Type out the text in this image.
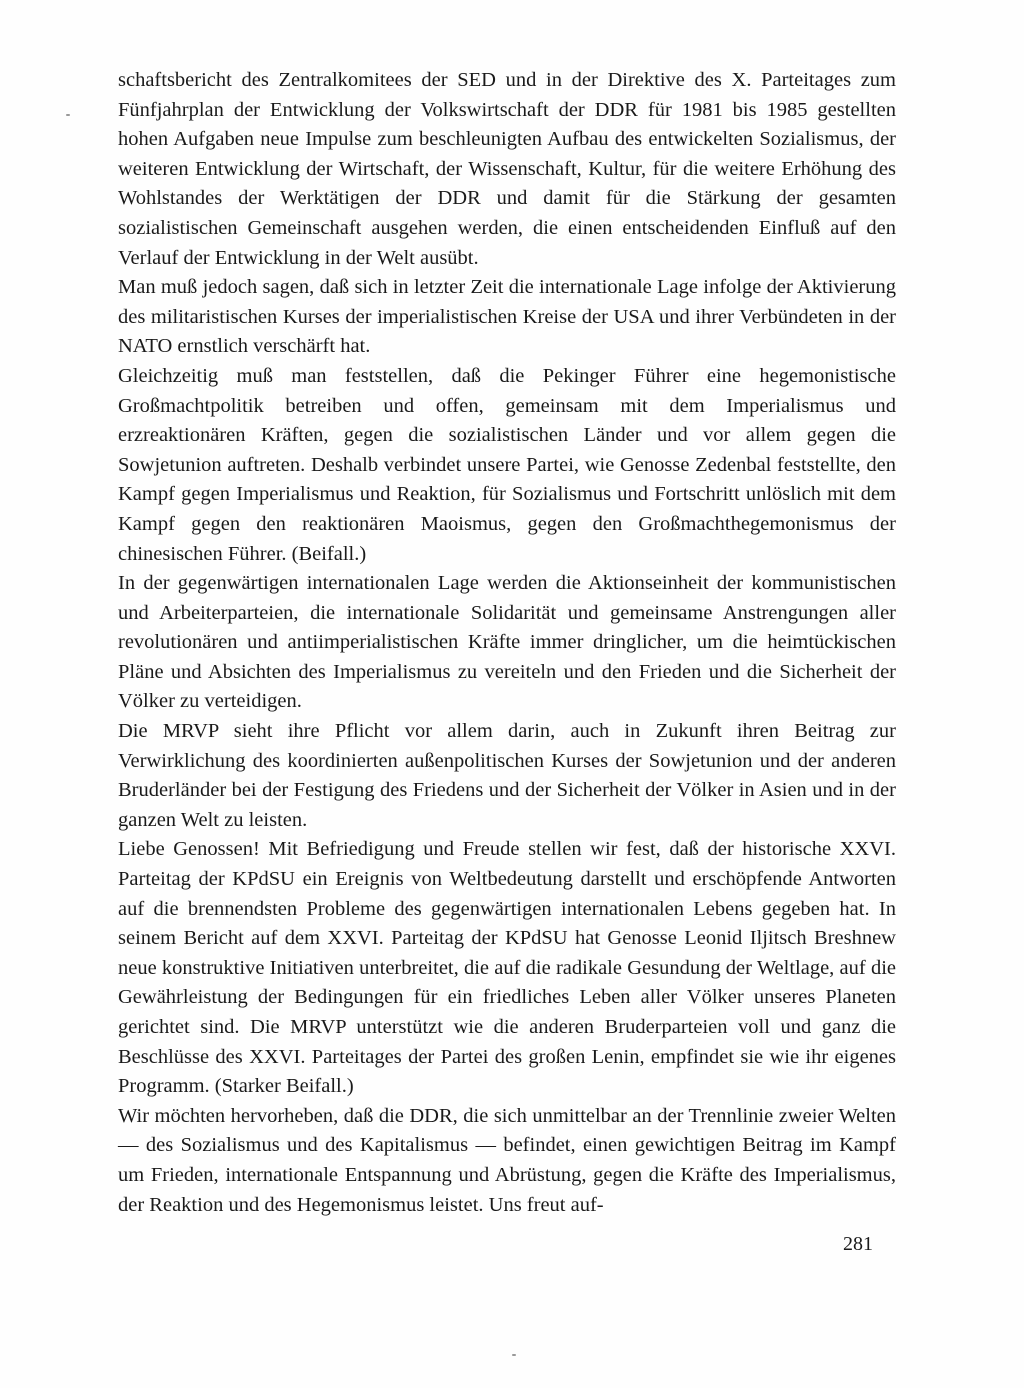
schaftsbericht des Zentralkomitees der SED und in der Direktive des X. Parteitages zum Fünfjahrplan der Entwicklung der Volkswirtschaft der DDR für 1981 bis 1985 gestellten hohen Aufgaben neue Impulse zum beschleunigten Aufbau des entwickelten Sozialismus, der weiteren Entwicklung der Wirtschaft, der Wissenschaft, Kultur, für die weitere Erhöhung des Wohlstandes der Werktätigen der DDR und damit für die Stärkung der gesamten sozialistischen Gemeinschaft ausgehen werden, die einen entscheidenden Einfluß auf den Verlauf der Entwicklung in der Welt ausübt.

Man muß jedoch sagen, daß sich in letzter Zeit die internationale Lage infolge der Aktivierung des militaristischen Kurses der imperialistischen Kreise der USA und ihrer Verbündeten in der NATO ernstlich verschärft hat.

Gleichzeitig muß man feststellen, daß die Pekinger Führer eine hegemonistische Großmachtpolitik betreiben und offen, gemeinsam mit dem Imperialismus und erzreaktionären Kräften, gegen die sozialistischen Länder und vor allem gegen die Sowjetunion auftreten. Deshalb verbindet unsere Partei, wie Genosse Zedenbal feststellte, den Kampf gegen Imperialismus und Reaktion, für Sozialismus und Fortschritt unlöslich mit dem Kampf gegen den reaktionären Maoismus, gegen den Großmachthegemonismus der chinesischen Führer. (Beifall.)

In der gegenwärtigen internationalen Lage werden die Aktionseinheit der kommunistischen und Arbeiterparteien, die internationale Solidarität und gemeinsame Anstrengungen aller revolutionären und antiimperialistischen Kräfte immer dringlicher, um die heimtückischen Pläne und Absichten des Imperialismus zu vereiteln und den Frieden und die Sicherheit der Völker zu verteidigen.

Die MRVP sieht ihre Pflicht vor allem darin, auch in Zukunft ihren Beitrag zur Verwirklichung des koordinierten außenpolitischen Kurses der Sowjetunion und der anderen Bruderländer bei der Festigung des Friedens und der Sicherheit der Völker in Asien und in der ganzen Welt zu leisten.

Liebe Genossen! Mit Befriedigung und Freude stellen wir fest, daß der historische XXVI. Parteitag der KPdSU ein Ereignis von Weltbedeutung darstellt und erschöpfende Antworten auf die brennendsten Probleme des gegenwärtigen internationalen Lebens gegeben hat. In seinem Bericht auf dem XXVI. Parteitag der KPdSU hat Genosse Leonid Iljitsch Breshnew neue konstruktive Initiativen unterbreitet, die auf die radikale Gesundung der Weltlage, auf die Gewährleistung der Bedingungen für ein friedliches Leben aller Völker unseres Planeten gerichtet sind. Die MRVP unterstützt wie die anderen Bruderparteien voll und ganz die Beschlüsse des XXVI. Parteitages der Partei des großen Lenin, empfindet sie wie ihr eigenes Programm. (Starker Beifall.)

Wir möchten hervorheben, daß die DDR, die sich unmittelbar an der Trennlinie zweier Welten — des Sozialismus und des Kapitalismus — befindet, einen gewichtigen Beitrag im Kampf um Frieden, internationale Entspannung und Abrüstung, gegen die Kräfte des Imperialismus, der Reaktion und des Hegemonismus leistet. Uns freut auf-

281
